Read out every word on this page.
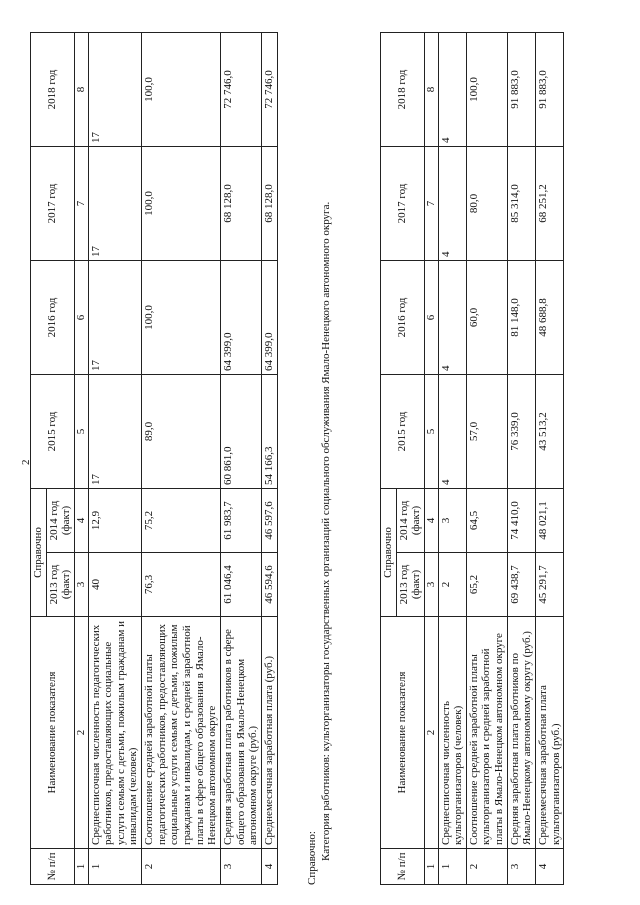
2
№ п/п	Наименование показателя	Справочно		2015 год	2016 год	2017 год	2018 год
		2013 год (факт)	2014 год (факт)				
1	2	3	4	5	6	7	8
1	Среднесписочная численность педагогических работников, предоставляющих социальные услуги семьям с детьми, пожилым гражданам и инвалидам (человек)	40	12,9	17	17	17	17
2	Соотношение средней заработной платы педагогических работников, предоставляющих социальные услуги семьям с детьми, пожилым гражданам и инвалидам, и средней заработной платы в сфере общего образования в Ямало-Ненецком автономном округе	76,3	75,2	89,0	100,0	100,0	100,0
3	Средняя заработная плата работников в сфере общего образования в Ямало-Ненецком автономном округе (руб.)	61 046,4	61 983,7	60 861,0	64 399,0	68 128,0	72 746,0
4	Среднемесячная заработная плата (руб.)	46 594,6	46 597,6	54 166,3	64 399,0	68 128,0	72 746,0
Справочно: Категория работников: культорганизаторы государственных организаций социального обслуживания Ямало-Ненецкого автономного округа.
№ п/п	Наименование показателя	Справочно		2015 год	2016 год	2017 год	2018 год
		2013 год (факт)	2014 год (факт)				
1	2	3	4	5	6	7	8
1	Среднесписочная численность культорганизаторов (человек)	2	3	4	4	4	4
2	Соотношение средней заработной платы культорганизаторов и средней заработной платы в Ямало-Ненецком автономном округе	65,2	64,5	57,0	60,0	80,0	100,0
3	Средняя заработная плата работников по Ямало-Ненецкому автономному округу (руб.)	69 438,7	74 410,0	76 339,0	81 148,0	85 314,0	91 883,0
4	Среднемесячная заработная плата культорганизаторов (руб.)	45 291,7	48 021,1	43 513,2	48 688,8	68 251,2	91 883,0
